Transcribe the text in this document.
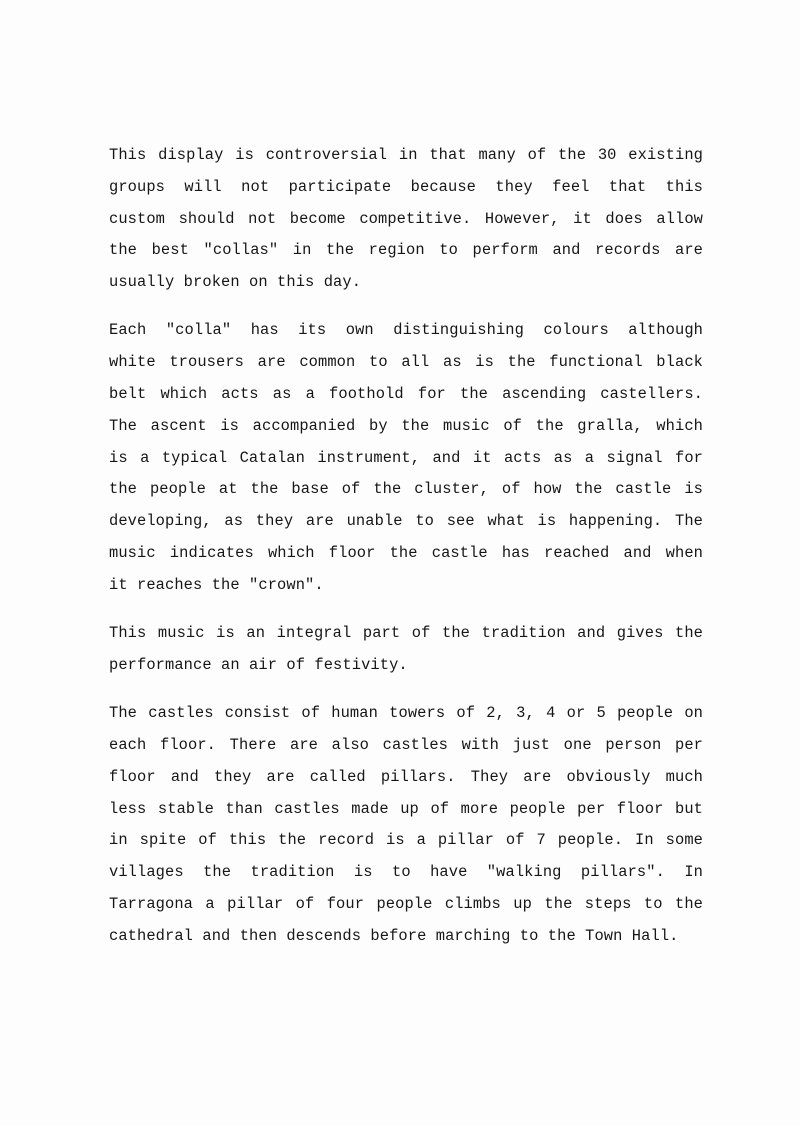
This display is controversial in that many of the 30 existing
groups will not participate because they feel that this
custom should not become competitive. However, it does allow
the best "collas" in the region to perform and records are
usually broken on this day.
Each "colla" has its own distinguishing colours although
white trousers are common to all as is the functional black
belt which acts as a foothold for the ascending castellers.
The ascent is accompanied by the music of the gralla, which
is a typical Catalan instrument, and it acts as a signal for
the people at the base of the cluster, of how the castle is
developing, as they are unable to see what is happening. The
music indicates which floor the castle has reached and when
it reaches the "crown".
This music is an integral part of the tradition and gives the
performance an air of festivity.
The castles consist of human towers of 2, 3, 4 or 5 people on
each floor. There are also castles with just one person per
floor and they are called pillars. They are obviously much
less stable than castles made up of more people per floor but
in spite of this the record is a pillar of 7 people. In some
villages the tradition is to have "walking pillars". In
Tarragona a pillar of four people climbs up the steps to the
cathedral and then descends before marching to the Town Hall.
